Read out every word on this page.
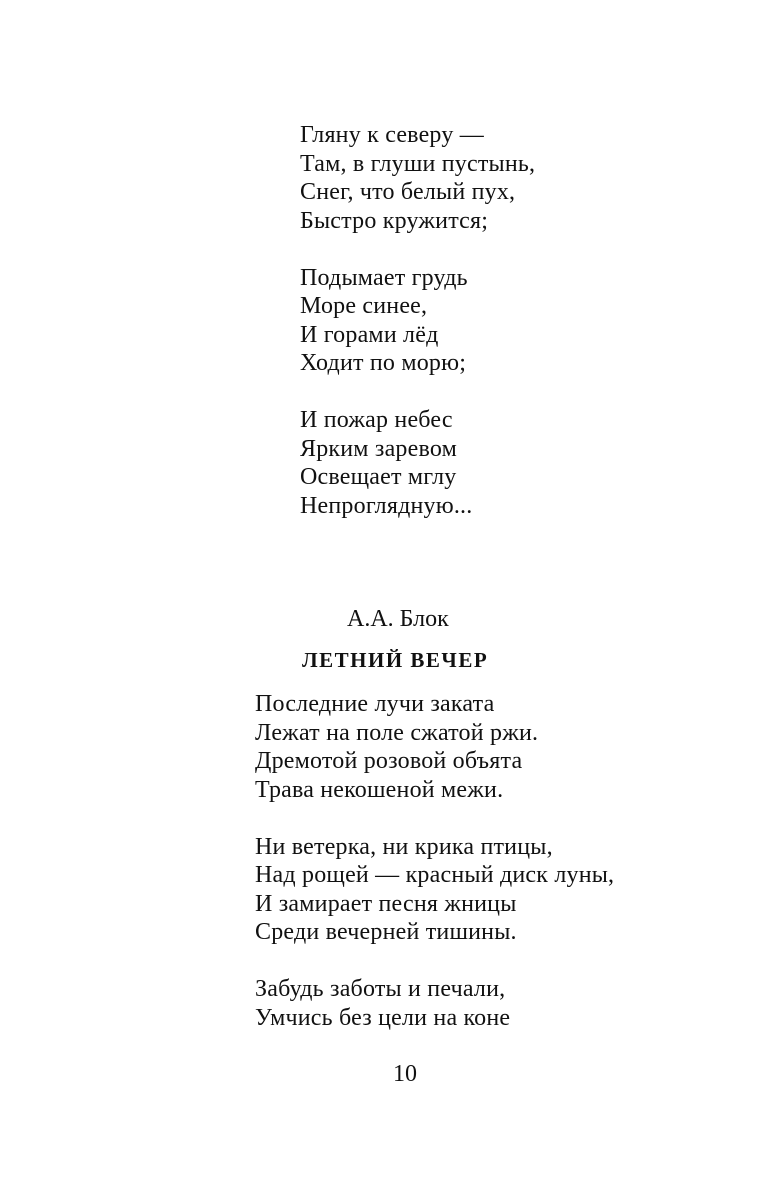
Гляну к северу —
Там, в глуши пустынь,
Снег, что белый пух,
Быстро кружится;
Подымает грудь
Море синее,
И горами лёд
Ходит по морю;
И пожар небес
Ярким заревом
Освещает мглу
Непроглядную...
А.А. Блок
ЛЕТНИЙ ВЕЧЕР
Последние лучи заката
Лежат на поле сжатой ржи.
Дремотой розовой объята
Трава некошеной межи.
Ни ветерка, ни крика птицы,
Над рощей — красный диск луны,
И замирает песня жницы
Среди вечерней тишины.
Забудь заботы и печали,
Умчись без цели на коне
10
